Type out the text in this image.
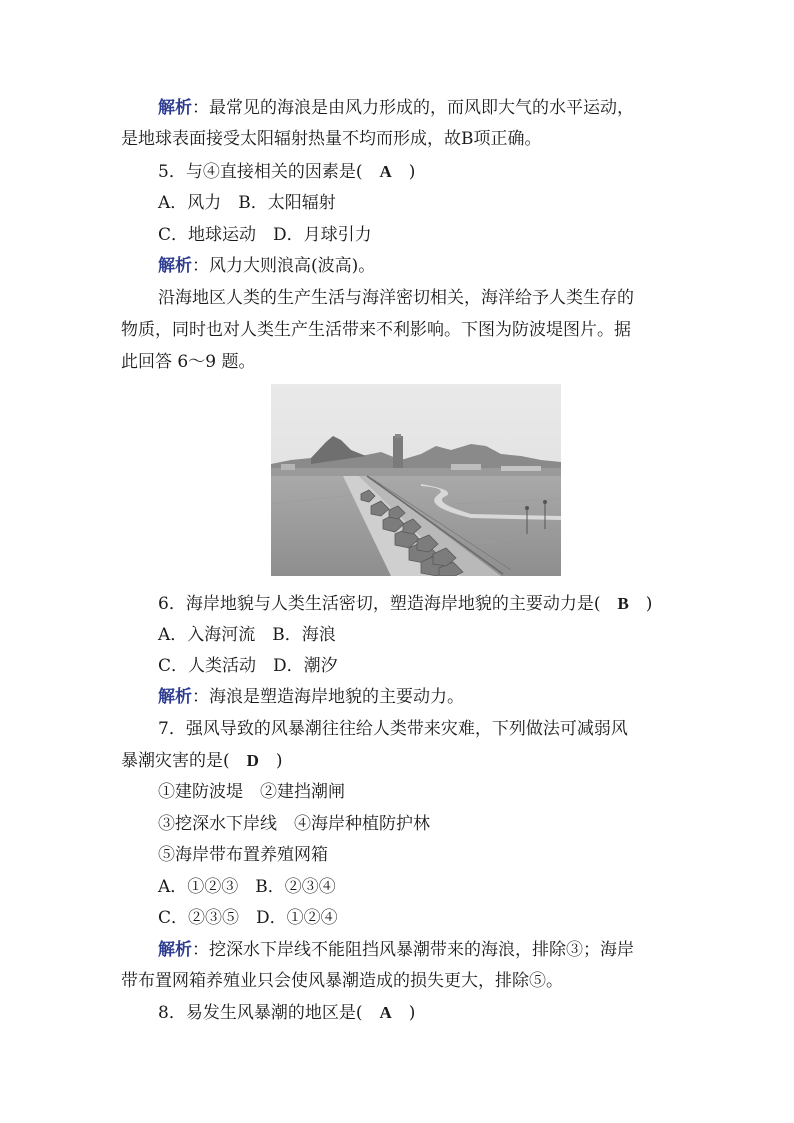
解析：最常见的海浪是由风力形成的，而风即大气的水平运动，
是地球表面接受太阳辐射热量不均而形成，故B项正确。
5．与④直接相关的因素是(　A　)
A．风力　B．太阳辐射
C．地球运动　D．月球引力
解析：风力大则浪高(波高)。
沿海地区人类的生产生活与海洋密切相关，海洋给予人类生存的
物质，同时也对人类生产生活带来不利影响。下图为防波堤图片。据
此回答 6～9 题。
6．海岸地貌与人类生活密切，塑造海岸地貌的主要动力是(　B　)
A．入海河流　B．海浪
C．人类活动　D．潮汐
解析：海浪是塑造海岸地貌的主要动力。
7．强风导致的风暴潮往往给人类带来灾难，下列做法可减弱风
暴潮灾害的是(　D　)
①建防波堤　②建挡潮闸
③挖深水下岸线　④海岸种植防护林
⑤海岸带布置养殖网箱
A．①②③　B．②③④
C．②③⑤　D．①②④
解析：挖深水下岸线不能阻挡风暴潮带来的海浪，排除③；海岸
带布置网箱养殖业只会使风暴潮造成的损失更大，排除⑤。
8．易发生风暴潮的地区是(　A　)
